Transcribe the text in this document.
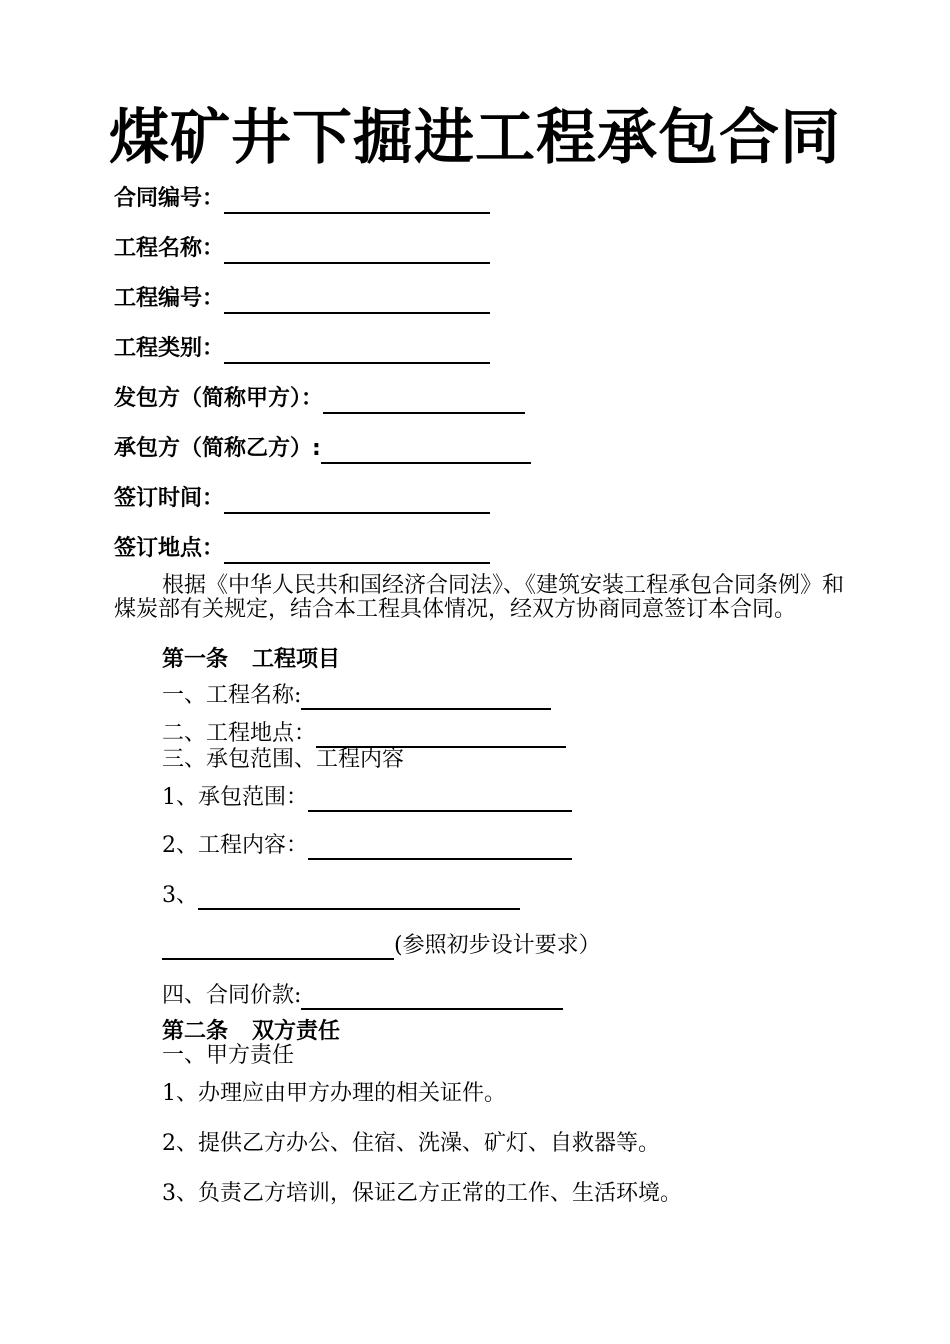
煤矿井下掘进工程承包合同
合同编号：
工程名称：
工程编号：
工程类别：
发包方（简称甲方）：
承包方（简称乙方）:
签订时间：
签订地点：
根据《中华人民共和国经济合同法》、《建筑安装工程承包合同条例》和煤炭部有关规定，结合本工程具体情况，经双方协商同意签订本合同。
第一条 工程项目
一、工程名称:
二、工程地点：
三、承包范围、工程内容
1、承包范围：
2、工程内容：
3、
(参照初步设计要求）
四、合同价款:
第二条 双方责任
一、甲方责任
1、办理应由甲方办理的相关证件。
2、提供乙方办公、住宿、洗澡、矿灯、自救器等。
3、负责乙方培训，保证乙方正常的工作、生活环境。
